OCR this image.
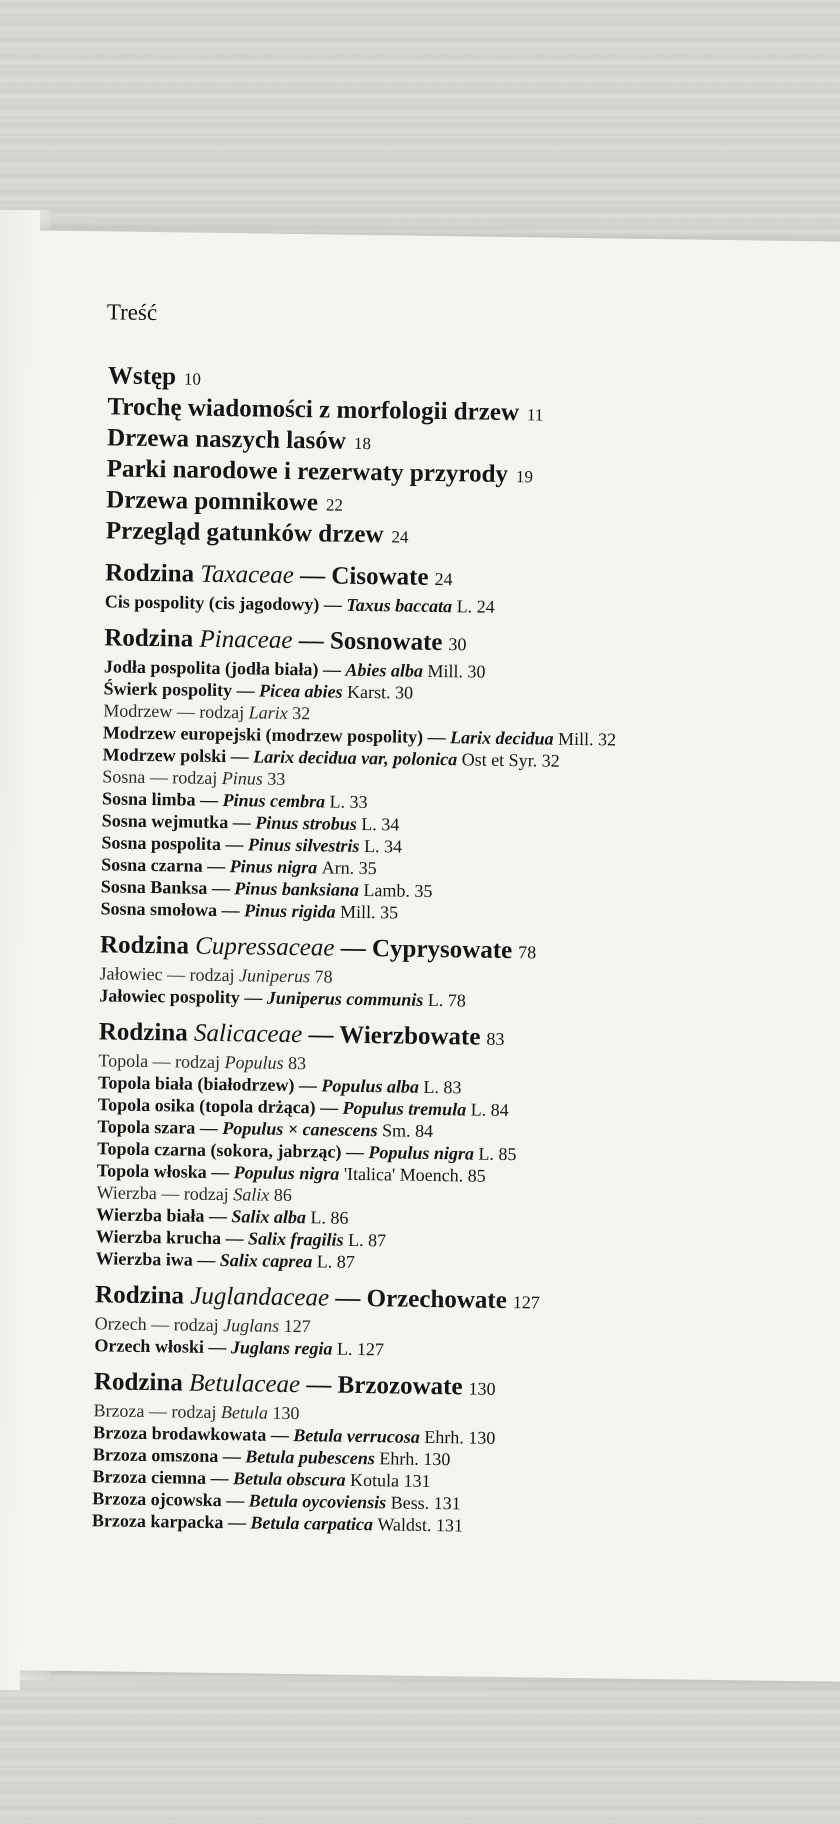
Treść
Wstęp 10
Trochę wiadomości z morfologii drzew 11
Drzewa naszych lasów 18
Parki narodowe i rezerwaty przyrody 19
Drzewa pomnikowe 22
Przegląd gatunków drzew 24
Rodzina Taxaceae — Cisowate 24
Cis pospolity (cis jagodowy) — Taxus baccata L. 24
Rodzina Pinaceae — Sosnowate 30
Jodła pospolita (jodła biała) — Abies alba Mill. 30
Świerk pospolity — Picea abies Karst. 30
Modrzew — rodzaj Larix 32
Modrzew europejski (modrzew pospolity) — Larix decidua Mill. 32
Modrzew polski — Larix decidua var, polonica Ost et Syr. 32
Sosna — rodzaj Pinus 33
Sosna limba — Pinus cembra L. 33
Sosna wejmutka — Pinus strobus L. 34
Sosna pospolita — Pinus silvestris L. 34
Sosna czarna — Pinus nigra Arn. 35
Sosna Banksa — Pinus banksiana Lamb. 35
Sosna smołowa — Pinus rigida Mill. 35
Rodzina Cupressaceae — Cyprysowate 78
Jałowiec — rodzaj Juniperus 78
Jałowiec pospolity — Juniperus communis L. 78
Rodzina Salicaceae — Wierzbowate 83
Topola — rodzaj Populus 83
Topola biała (białodrzew) — Populus alba L. 83
Topola osika (topola drżąca) — Populus tremula L. 84
Topola szara — Populus × canescens Sm. 84
Topola czarna (sokora, jabrząc) — Populus nigra L. 85
Topola włoska — Populus nigra 'Italica' Moench. 85
Wierzba — rodzaj Salix 86
Wierzba biała — Salix alba L. 86
Wierzba krucha — Salix fragilis L. 87
Wierzba iwa — Salix caprea L. 87
Rodzina Juglandaceae — Orzechowate 127
Orzech — rodzaj Juglans 127
Orzech włoski — Juglans regia L. 127
Rodzina Betulaceae — Brzozowate 130
Brzoza — rodzaj Betula 130
Brzoza brodawkowata — Betula verrucosa Ehrh. 130
Brzoza omszona — Betula pubescens Ehrh. 130
Brzoza ciemna — Betula obscura Kotula 131
Brzoza ojcowska — Betula oycoviensis Bess. 131
Brzoza karpacka — Betula carpatica Waldst. 131
